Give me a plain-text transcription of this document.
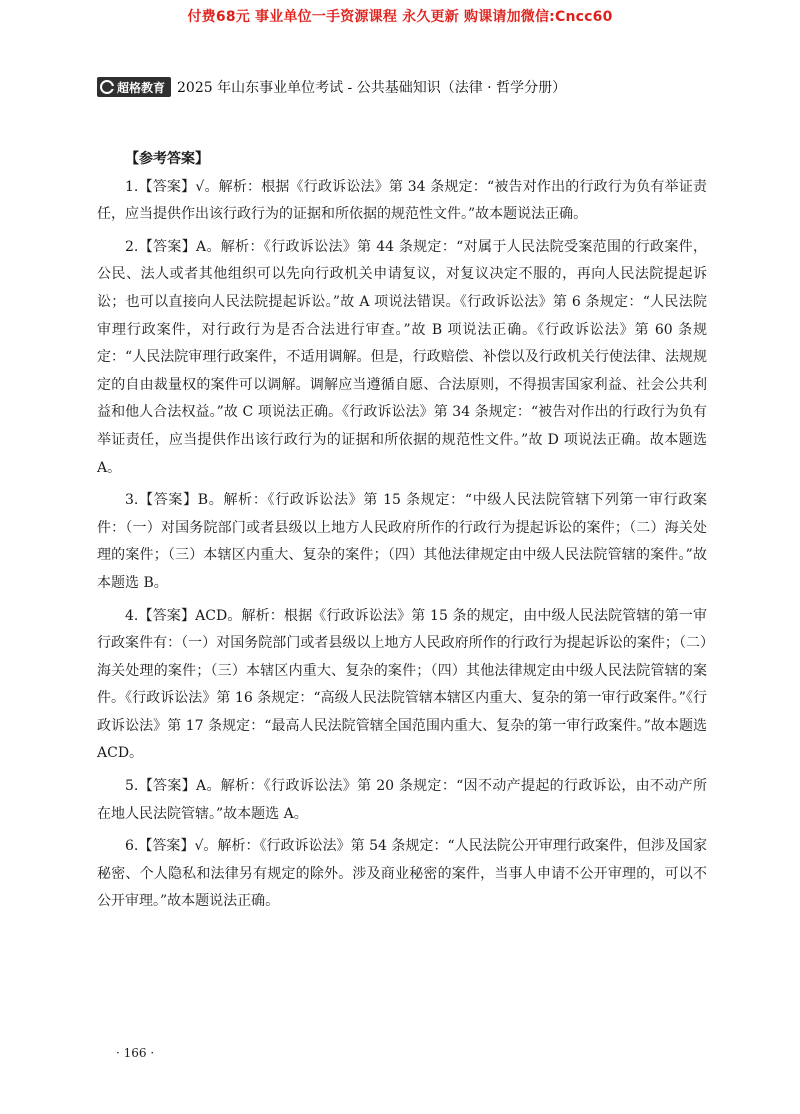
付费68元 事业单位一手资源课程 永久更新 购课请加微信:Cncc60
超格教育 2025 年山东事业单位考试 - 公共基础知识（法律 · 哲学分册）
【参考答案】

1.【答案】√。解析：根据《行政诉讼法》第 34 条规定：“被告对作出的行政行为负有举证责任，应当提供作出该行政行为的证据和所依据的规范性文件。”故本题说法正确。

2.【答案】A。解析：《行政诉讼法》第 44 条规定：“对属于人民法院受案范围的行政案件，公民、法人或者其他组织可以先向行政机关申请复议，对复议决定不服的，再向人民法院提起诉讼；也可以直接向人民法院提起诉讼。”故 A 项说法错误。《行政诉讼法》第 6 条规定：“人民法院审理行政案件，对行政行为是否合法进行审查。”故 B 项说法正确。《行政诉讼法》第 60 条规定：“人民法院审理行政案件，不适用调解。但是，行政赔偿、补偿以及行政机关行使法律、法规规定的自由裁量权的案件可以调解。调解应当遵循自愿、合法原则，不得损害国家利益、社会公共利益和他人合法权益。”故 C 项说法正确。《行政诉讼法》第 34 条规定：“被告对作出的行政行为负有举证责任，应当提供作出该行政行为的证据和所依据的规范性文件。”故 D 项说法正确。故本题选 A。

3.【答案】B。解析：《行政诉讼法》第 15 条规定：“中级人民法院管辖下列第一审行政案件：（一）对国务院部门或者县级以上地方人民政府所作的行政行为提起诉讼的案件；（二）海关处理的案件；（三）本辖区内重大、复杂的案件；（四）其他法律规定由中级人民法院管辖的案件。”故本题选 B。

4.【答案】ACD。解析：根据《行政诉讼法》第 15 条的规定，由中级人民法院管辖的第一审行政案件有：（一）对国务院部门或者县级以上地方人民政府所作的行政行为提起诉讼的案件；（二）海关处理的案件；（三）本辖区内重大、复杂的案件；（四）其他法律规定由中级人民法院管辖的案件。《行政诉讼法》第 16 条规定：“高级人民法院管辖本辖区内重大、复杂的第一审行政案件。”《行政诉讼法》第 17 条规定：“最高人民法院管辖全国范围内重大、复杂的第一审行政案件。”故本题选 ACD。

5.【答案】A。解析：《行政诉讼法》第 20 条规定：“因不动产提起的行政诉讼，由不动产所在地人民法院管辖。”故本题选 A。

6.【答案】√。解析：《行政诉讼法》第 54 条规定：“人民法院公开审理行政案件，但涉及国家秘密、个人隐私和法律另有规定的除外。涉及商业秘密的案件，当事人申请不公开审理的，可以不公开审理。”故本题说法正确。

· 166 ·
